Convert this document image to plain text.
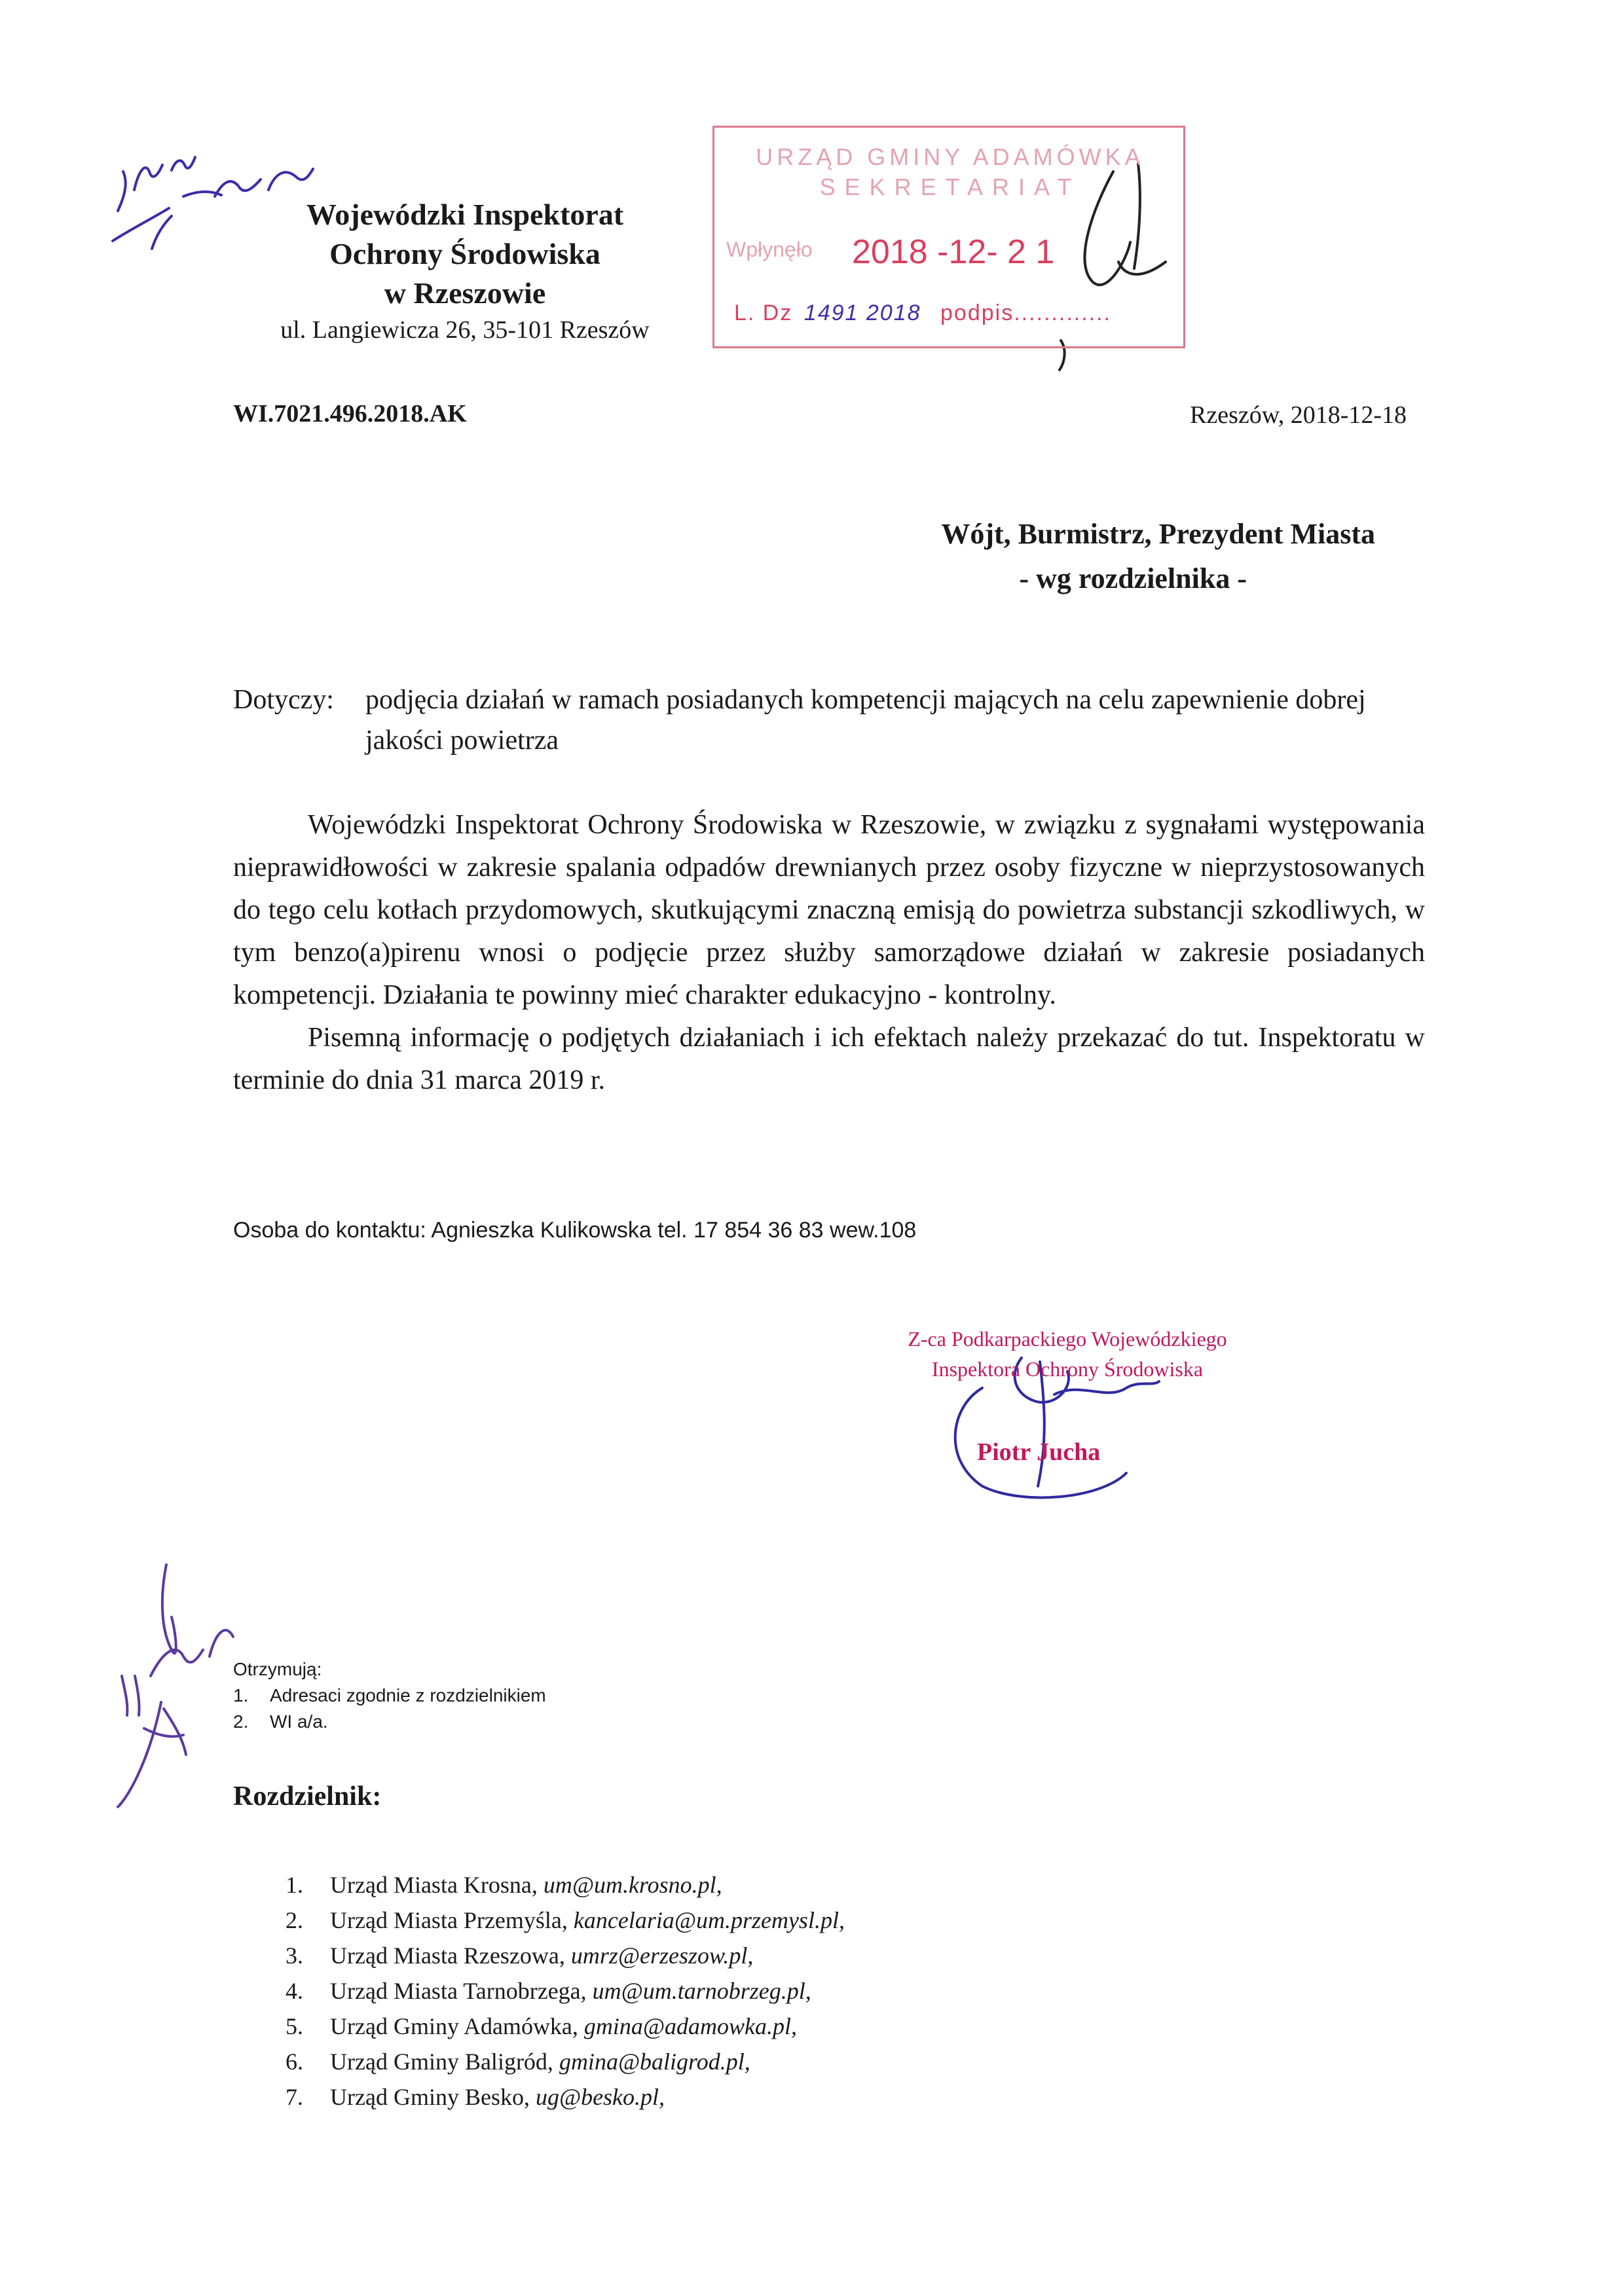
Wojewódzki Inspektorat
Ochrony Środowiska
w Rzeszowie
ul. Langiewicza 26, 35-101 Rzeszów
URZĄD GMINY ADAMÓWKA
SEKRETARIAT
Wpłynęło 2018 -12- 2 1
L. Dz 1491 2018 podpis.............
WI.7021.496.2018.AK	Rzeszów, 2018-12-18
Wójt, Burmistrz, Prezydent Miasta
- wg rozdzielnika -
Dotyczy: podjęcia działań w ramach posiadanych kompetencji mających na celu zapewnienie dobrej jakości powietrza

Wojewódzki Inspektorat Ochrony Środowiska w Rzeszowie, w związku z sygnałami występowania nieprawidłowości w zakresie spalania odpadów drewnianych przez osoby fizyczne w nieprzystosowanych do tego celu kotłach przydomowych, skutkującymi znaczną emisją do powietrza substancji szkodliwych, w tym benzo(a)pirenu wnosi o podjęcie przez służby samorządowe działań w zakresie posiadanych kompetencji. Działania te powinny mieć charakter edukacyjno - kontrolny.

Pisemną informację o podjętych działaniach i ich efektach należy przekazać do tut. Inspektoratu w terminie do dnia 31 marca 2019 r.

Osoba do kontaktu: Agnieszka Kulikowska tel. 17 854 36 83 wew.108
Z-ca Podkarpackiego Wojewódzkiego
Inspektora Ochrony Środowiska
Piotr Jucha
Otrzymują:
1. Adresaci zgodnie z rozdzielnikiem
2. WI a/a.
Rozdzielnik:
1. Urząd Miasta Krosna, um@um.krosno.pl,
2. Urząd Miasta Przemyśla, kancelaria@um.przemysl.pl,
3. Urząd Miasta Rzeszowa, umrz@erzeszow.pl,
4. Urząd Miasta Tarnobrzega, um@um.tarnobrzeg.pl,
5. Urząd Gminy Adamówka, gmina@adamowka.pl,
6. Urząd Gminy Baligród, gmina@baligrod.pl,
7. Urząd Gminy Besko, ug@besko.pl,
